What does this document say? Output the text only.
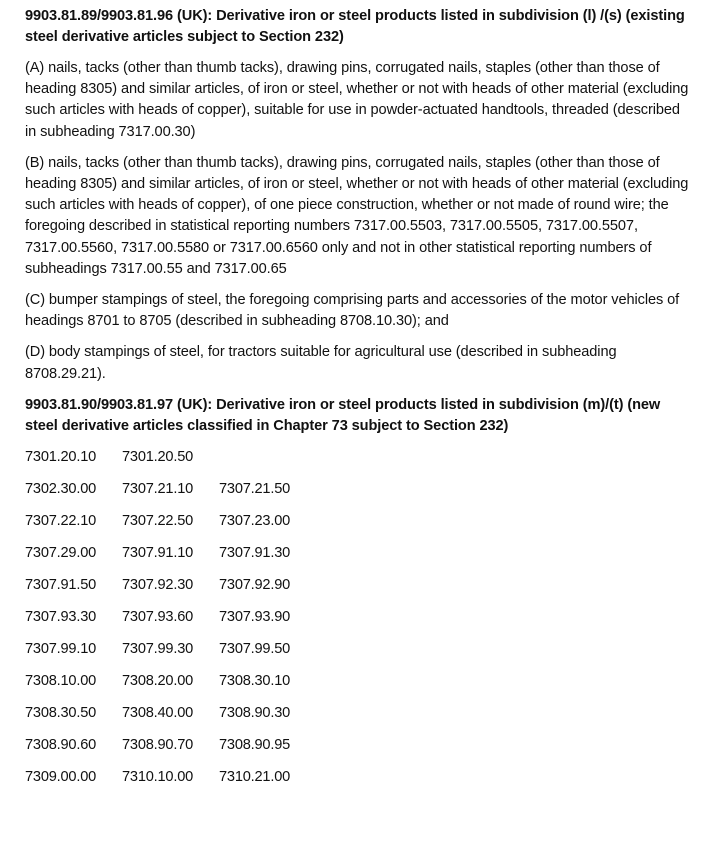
9903.81.89/9903.81.96 (UK): Derivative iron or steel products listed in subdivision (l) /(s) (existing steel derivative articles subject to Section 232)
(A) nails, tacks (other than thumb tacks), drawing pins, corrugated nails, staples (other than those of heading 8305) and similar articles, of iron or steel, whether or not with heads of other material (excluding such articles with heads of copper), suitable for use in powder-actuated handtools, threaded (described in subheading 7317.00.30)
(B) nails, tacks (other than thumb tacks), drawing pins, corrugated nails, staples (other than those of heading 8305) and similar articles, of iron or steel, whether or not with heads of other material (excluding such articles with heads of copper), of one piece construction, whether or not made of round wire; the foregoing described in statistical reporting numbers 7317.00.5503, 7317.00.5505, 7317.00.5507, 7317.00.5560, 7317.00.5580 or 7317.00.6560 only and not in other statistical reporting numbers of subheadings 7317.00.55 and 7317.00.65
(C) bumper stampings of steel, the foregoing comprising parts and accessories of the motor vehicles of headings 8701 to 8705 (described in subheading 8708.10.30); and
(D) body stampings of steel, for tractors suitable for agricultural use (described in subheading 8708.29.21).
9903.81.90/9903.81.97 (UK): Derivative iron or steel products listed in subdivision (m)/(t) (new steel derivative articles classified in Chapter 73 subject to Section 232)
7301.20.10	7301.20.50
7302.30.00	7307.21.10	7307.21.50
7307.22.10	7307.22.50	7307.23.00
7307.29.00	7307.91.10	7307.91.30
7307.91.50	7307.92.30	7307.92.90
7307.93.30	7307.93.60	7307.93.90
7307.99.10	7307.99.30	7307.99.50
7308.10.00	7308.20.00	7308.30.10
7308.30.50	7308.40.00	7308.90.30
7308.90.60	7308.90.70	7308.90.95
7309.00.00	7310.10.00	7310.21.00
